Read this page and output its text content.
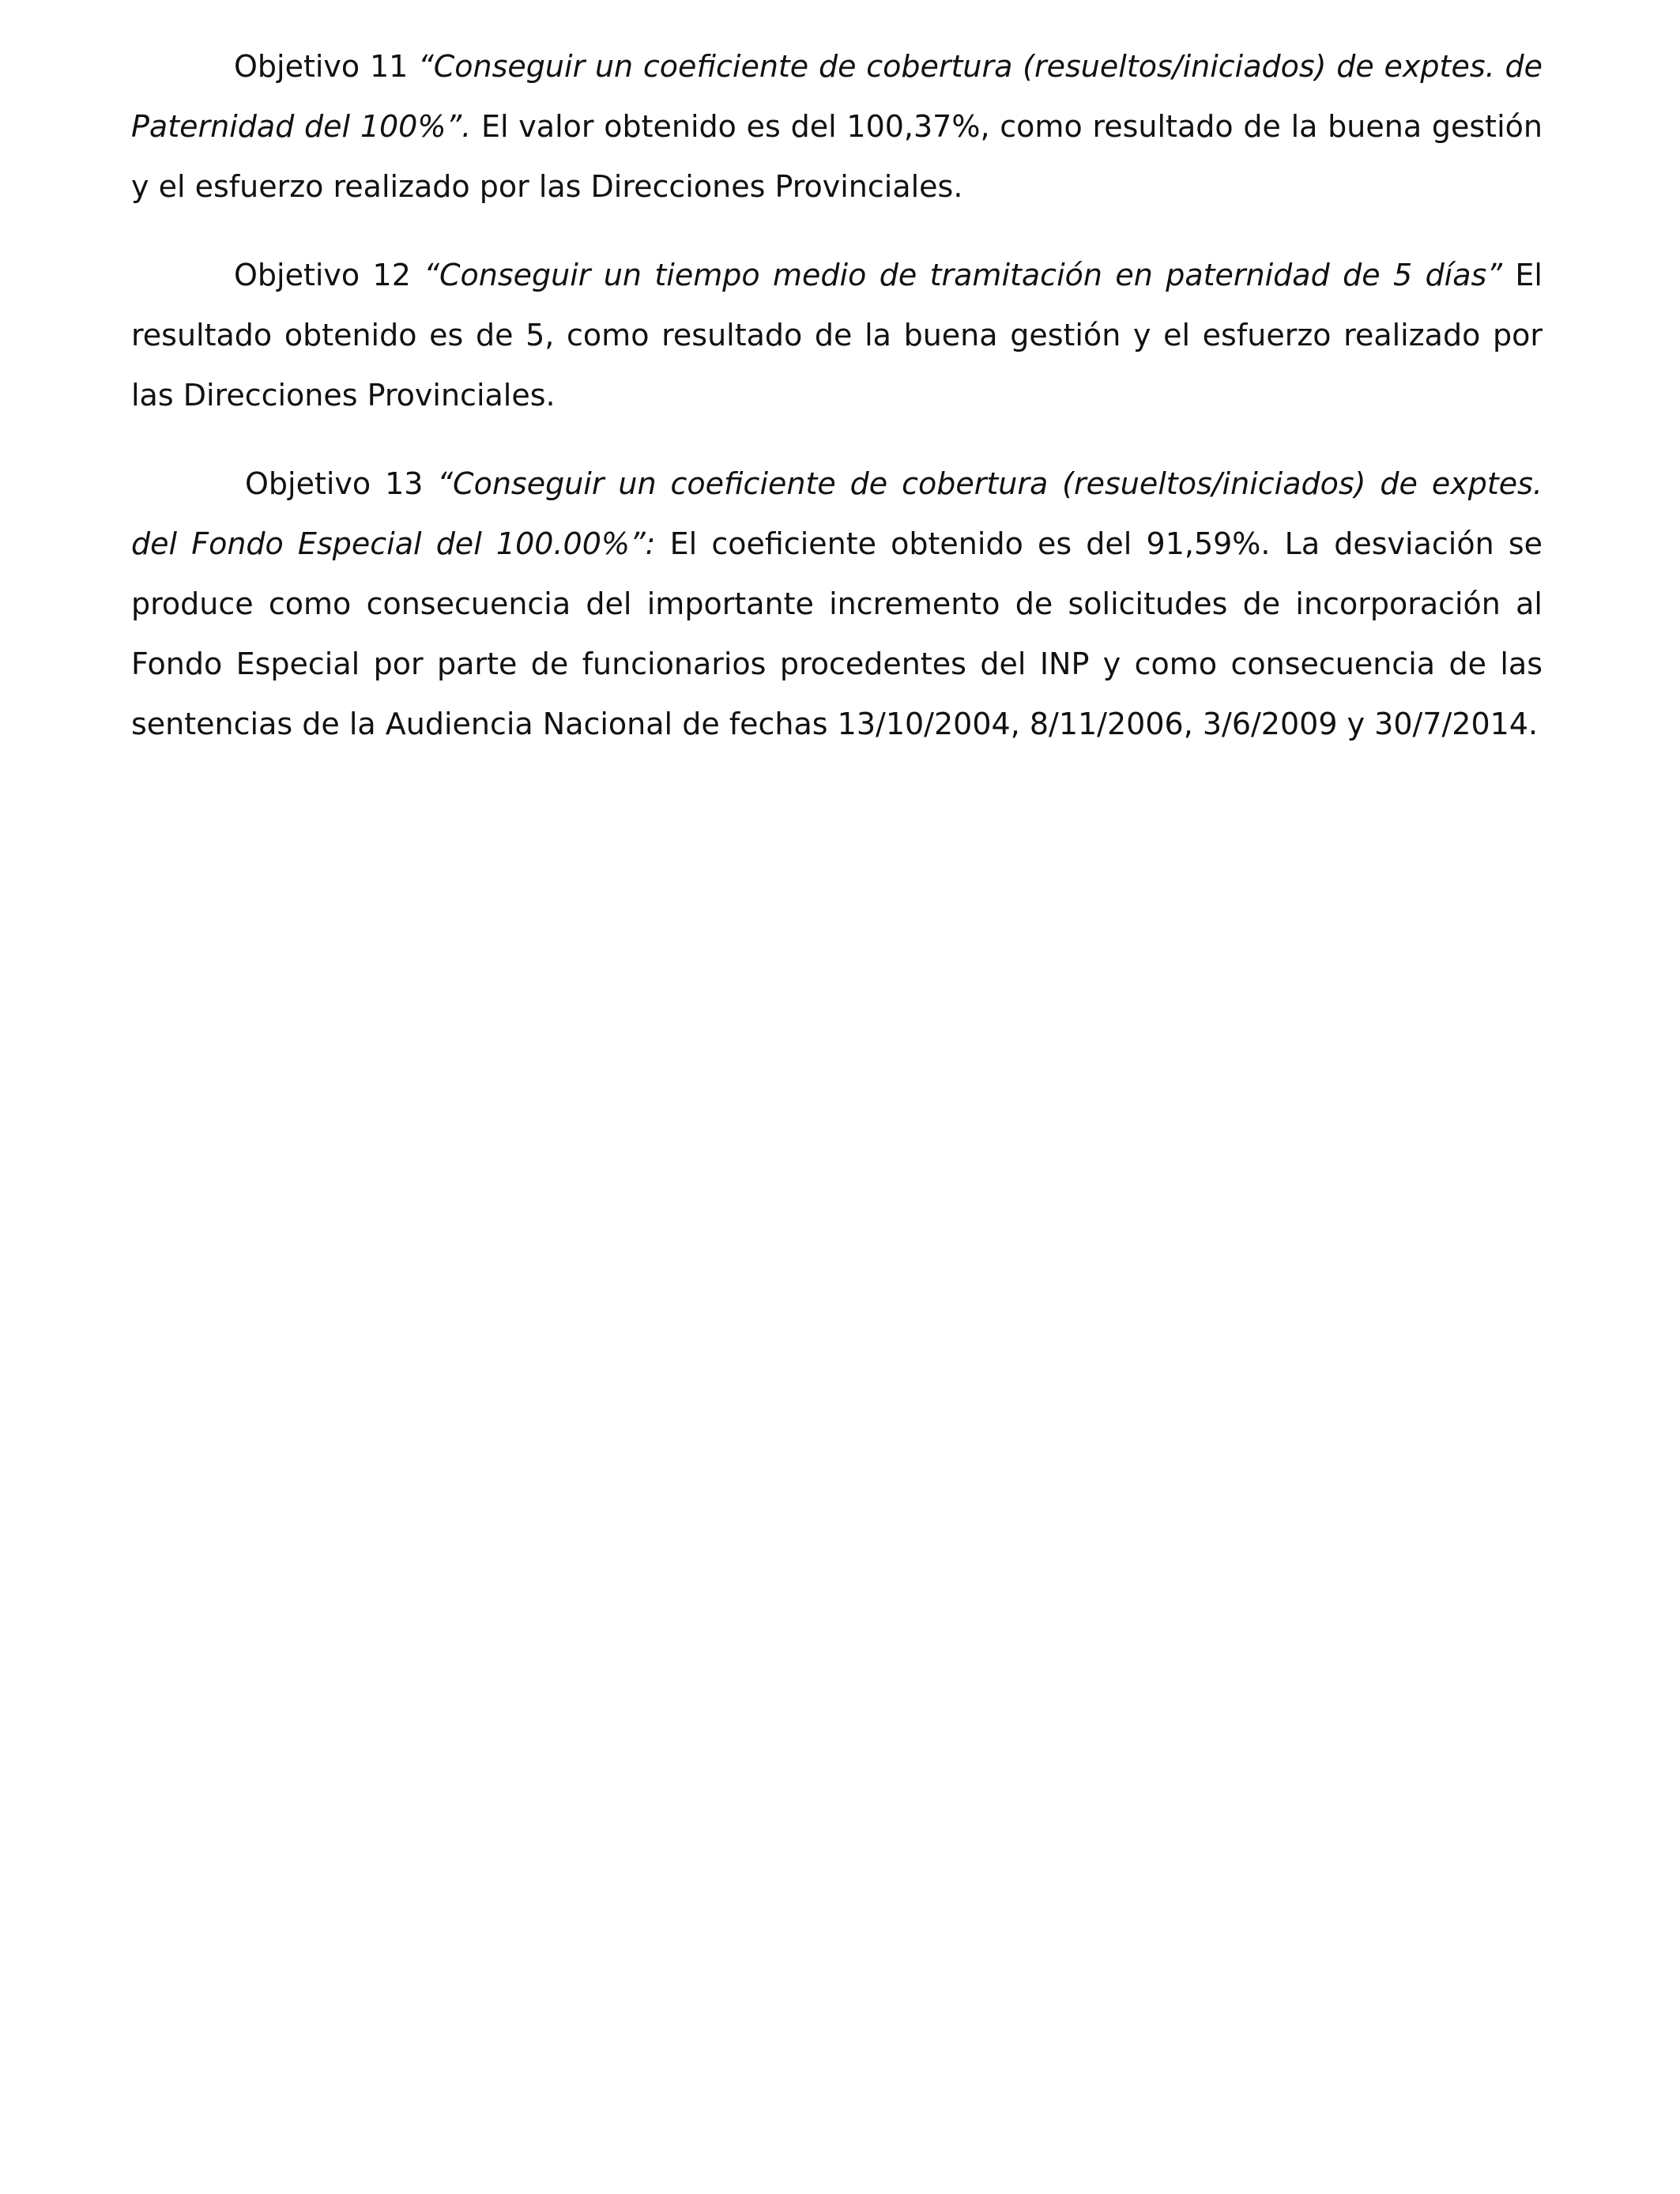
Objetivo 11 “Conseguir un coeficiente de cobertura (resueltos/iniciados) de exptes. de Paternidad del 100%”. El valor obtenido es del 100,37%, como resultado de la buena gestión y el esfuerzo realizado por las Direcciones Provinciales.

Objetivo 12 “Conseguir un tiempo medio de tramitación en paternidad de 5 días” El resultado obtenido es de 5, como resultado de la buena gestión y el esfuerzo realizado por las Direcciones Provinciales.

Objetivo 13 “Conseguir un coeficiente de cobertura (resueltos/iniciados) de exptes. del Fondo Especial del 100.00%”: El coeficiente obtenido es del 91,59%. La desviación se produce como consecuencia del importante incremento de solicitudes de incorporación al Fondo Especial por parte de funcionarios procedentes del INP y como consecuencia de las sentencias de la Audiencia Nacional de fechas 13/10/2004, 8/11/2006, 3/6/2009 y 30/7/2014.
